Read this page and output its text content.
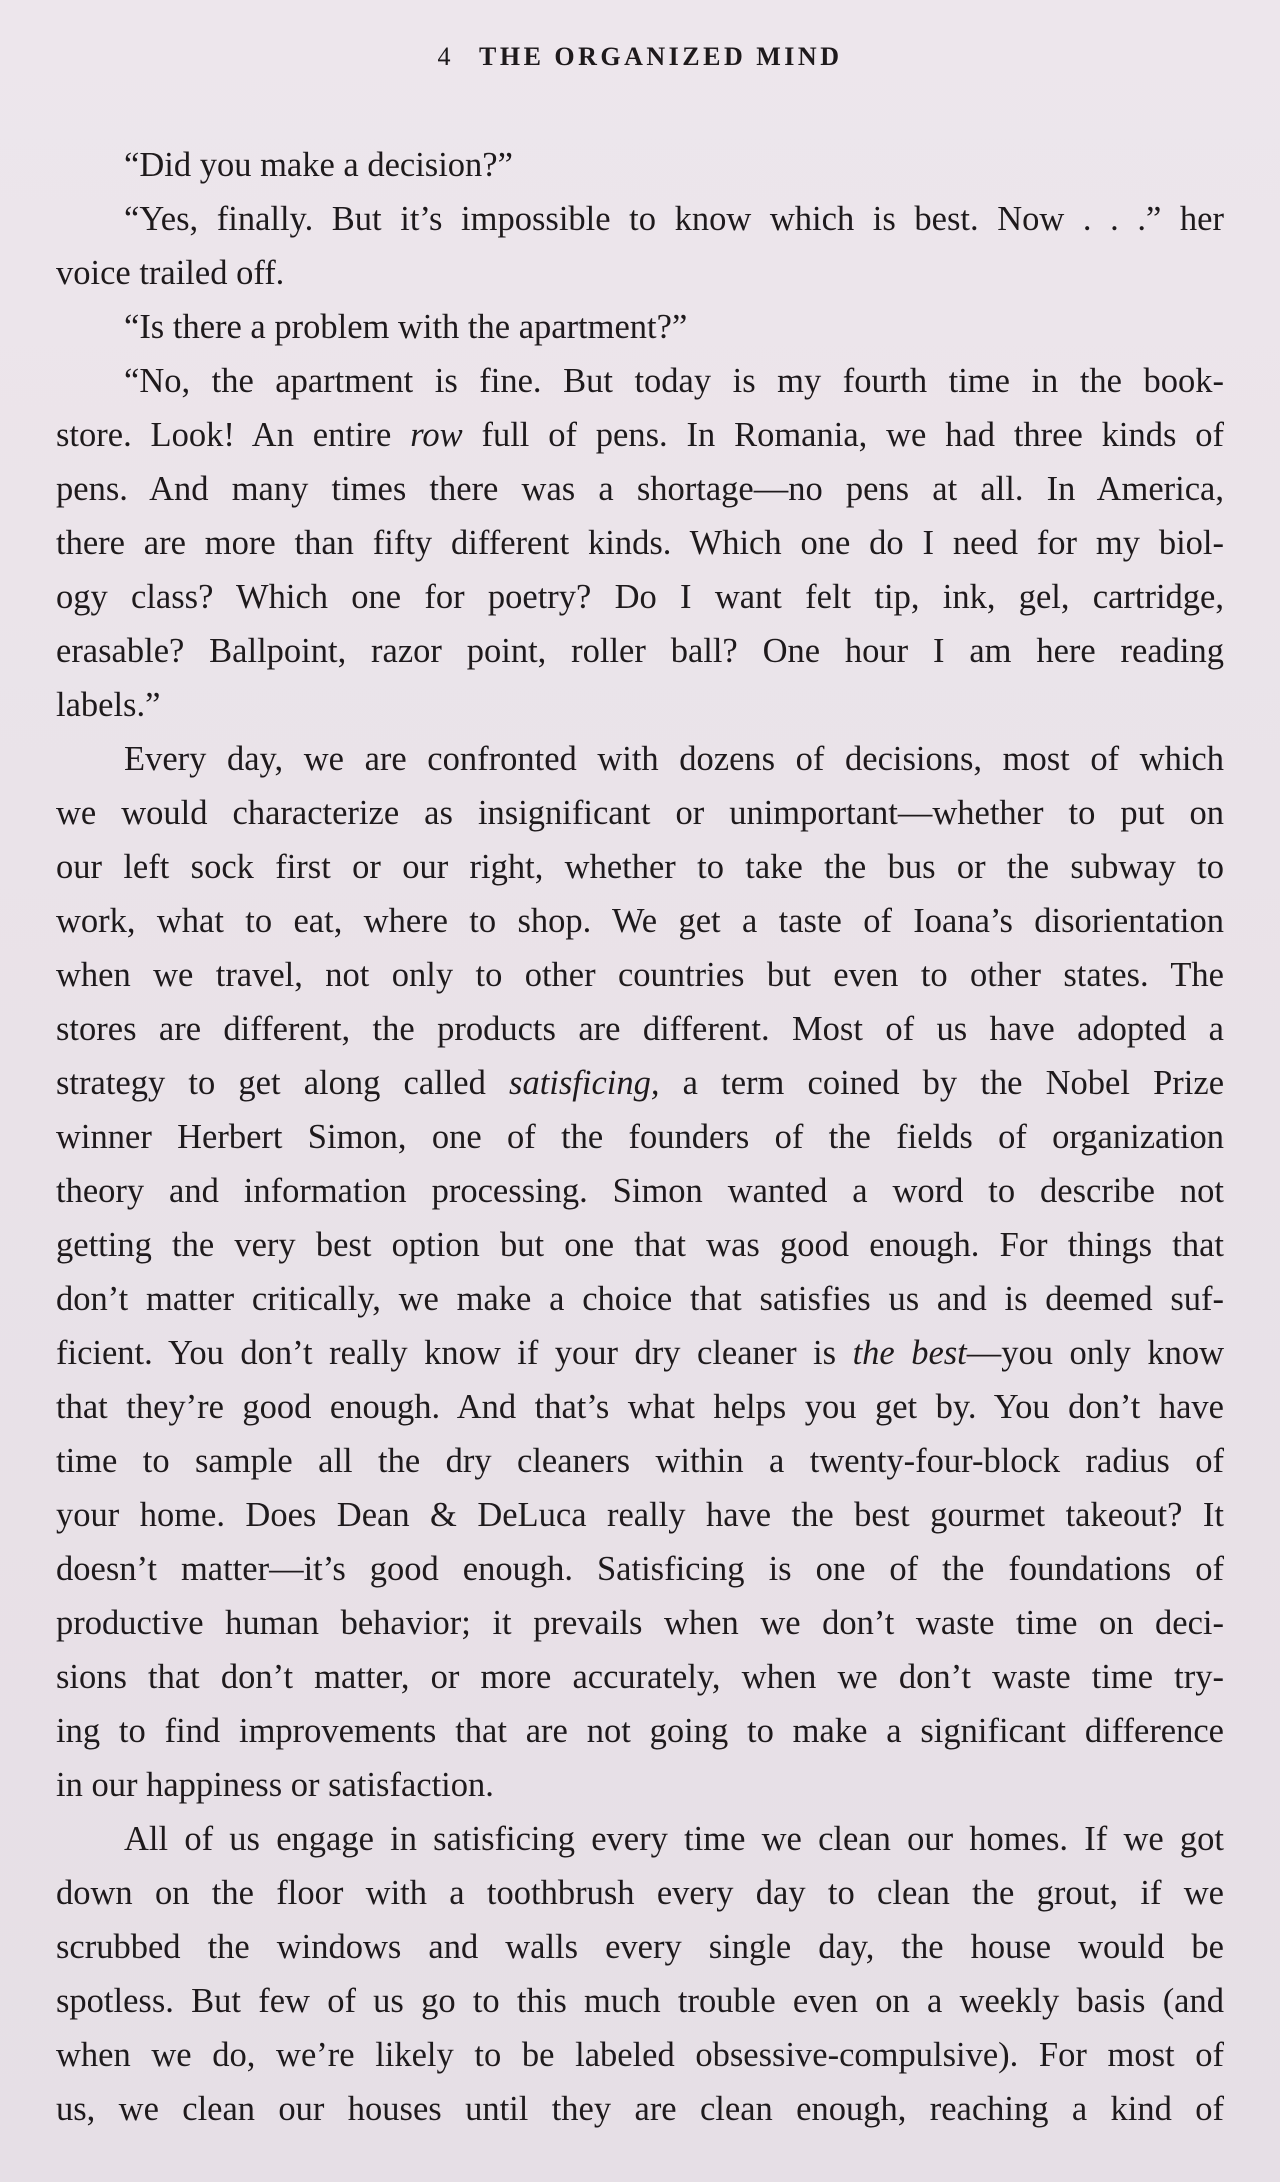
4 THE ORGANIZED MIND
“Did you make a decision?”
“Yes, finally. But it’s impossible to know which is best. Now . . .” her
voice trailed off.
“Is there a problem with the apartment?”
“No, the apartment is fine. But today is my fourth time in the book-
store. Look! An entire row full of pens. In Romania, we had three kinds of
pens. And many times there was a shortage—no pens at all. In America,
there are more than fifty different kinds. Which one do I need for my biol-
ogy class? Which one for poetry? Do I want felt tip, ink, gel, cartridge,
erasable? Ballpoint, razor point, roller ball? One hour I am here reading
labels.”
Every day, we are confronted with dozens of decisions, most of which
we would characterize as insignificant or unimportant—whether to put on
our left sock first or our right, whether to take the bus or the subway to
work, what to eat, where to shop. We get a taste of Ioana’s disorientation
when we travel, not only to other countries but even to other states. The
stores are different, the products are different. Most of us have adopted a
strategy to get along called satisficing, a term coined by the Nobel Prize
winner Herbert Simon, one of the founders of the fields of organization
theory and information processing. Simon wanted a word to describe not
getting the very best option but one that was good enough. For things that
don’t matter critically, we make a choice that satisfies us and is deemed suf-
ficient. You don’t really know if your dry cleaner is the best—you only know
that they’re good enough. And that’s what helps you get by. You don’t have
time to sample all the dry cleaners within a twenty-four-block radius of
your home. Does Dean & DeLuca really have the best gourmet takeout? It
doesn’t matter—it’s good enough. Satisficing is one of the foundations of
productive human behavior; it prevails when we don’t waste time on deci-
sions that don’t matter, or more accurately, when we don’t waste time try-
ing to find improvements that are not going to make a significant difference
in our happiness or satisfaction.
All of us engage in satisficing every time we clean our homes. If we got
down on the floor with a toothbrush every day to clean the grout, if we
scrubbed the windows and walls every single day, the house would be
spotless. But few of us go to this much trouble even on a weekly basis (and
when we do, we’re likely to be labeled obsessive-compulsive). For most of
us, we clean our houses until they are clean enough, reaching a kind of
